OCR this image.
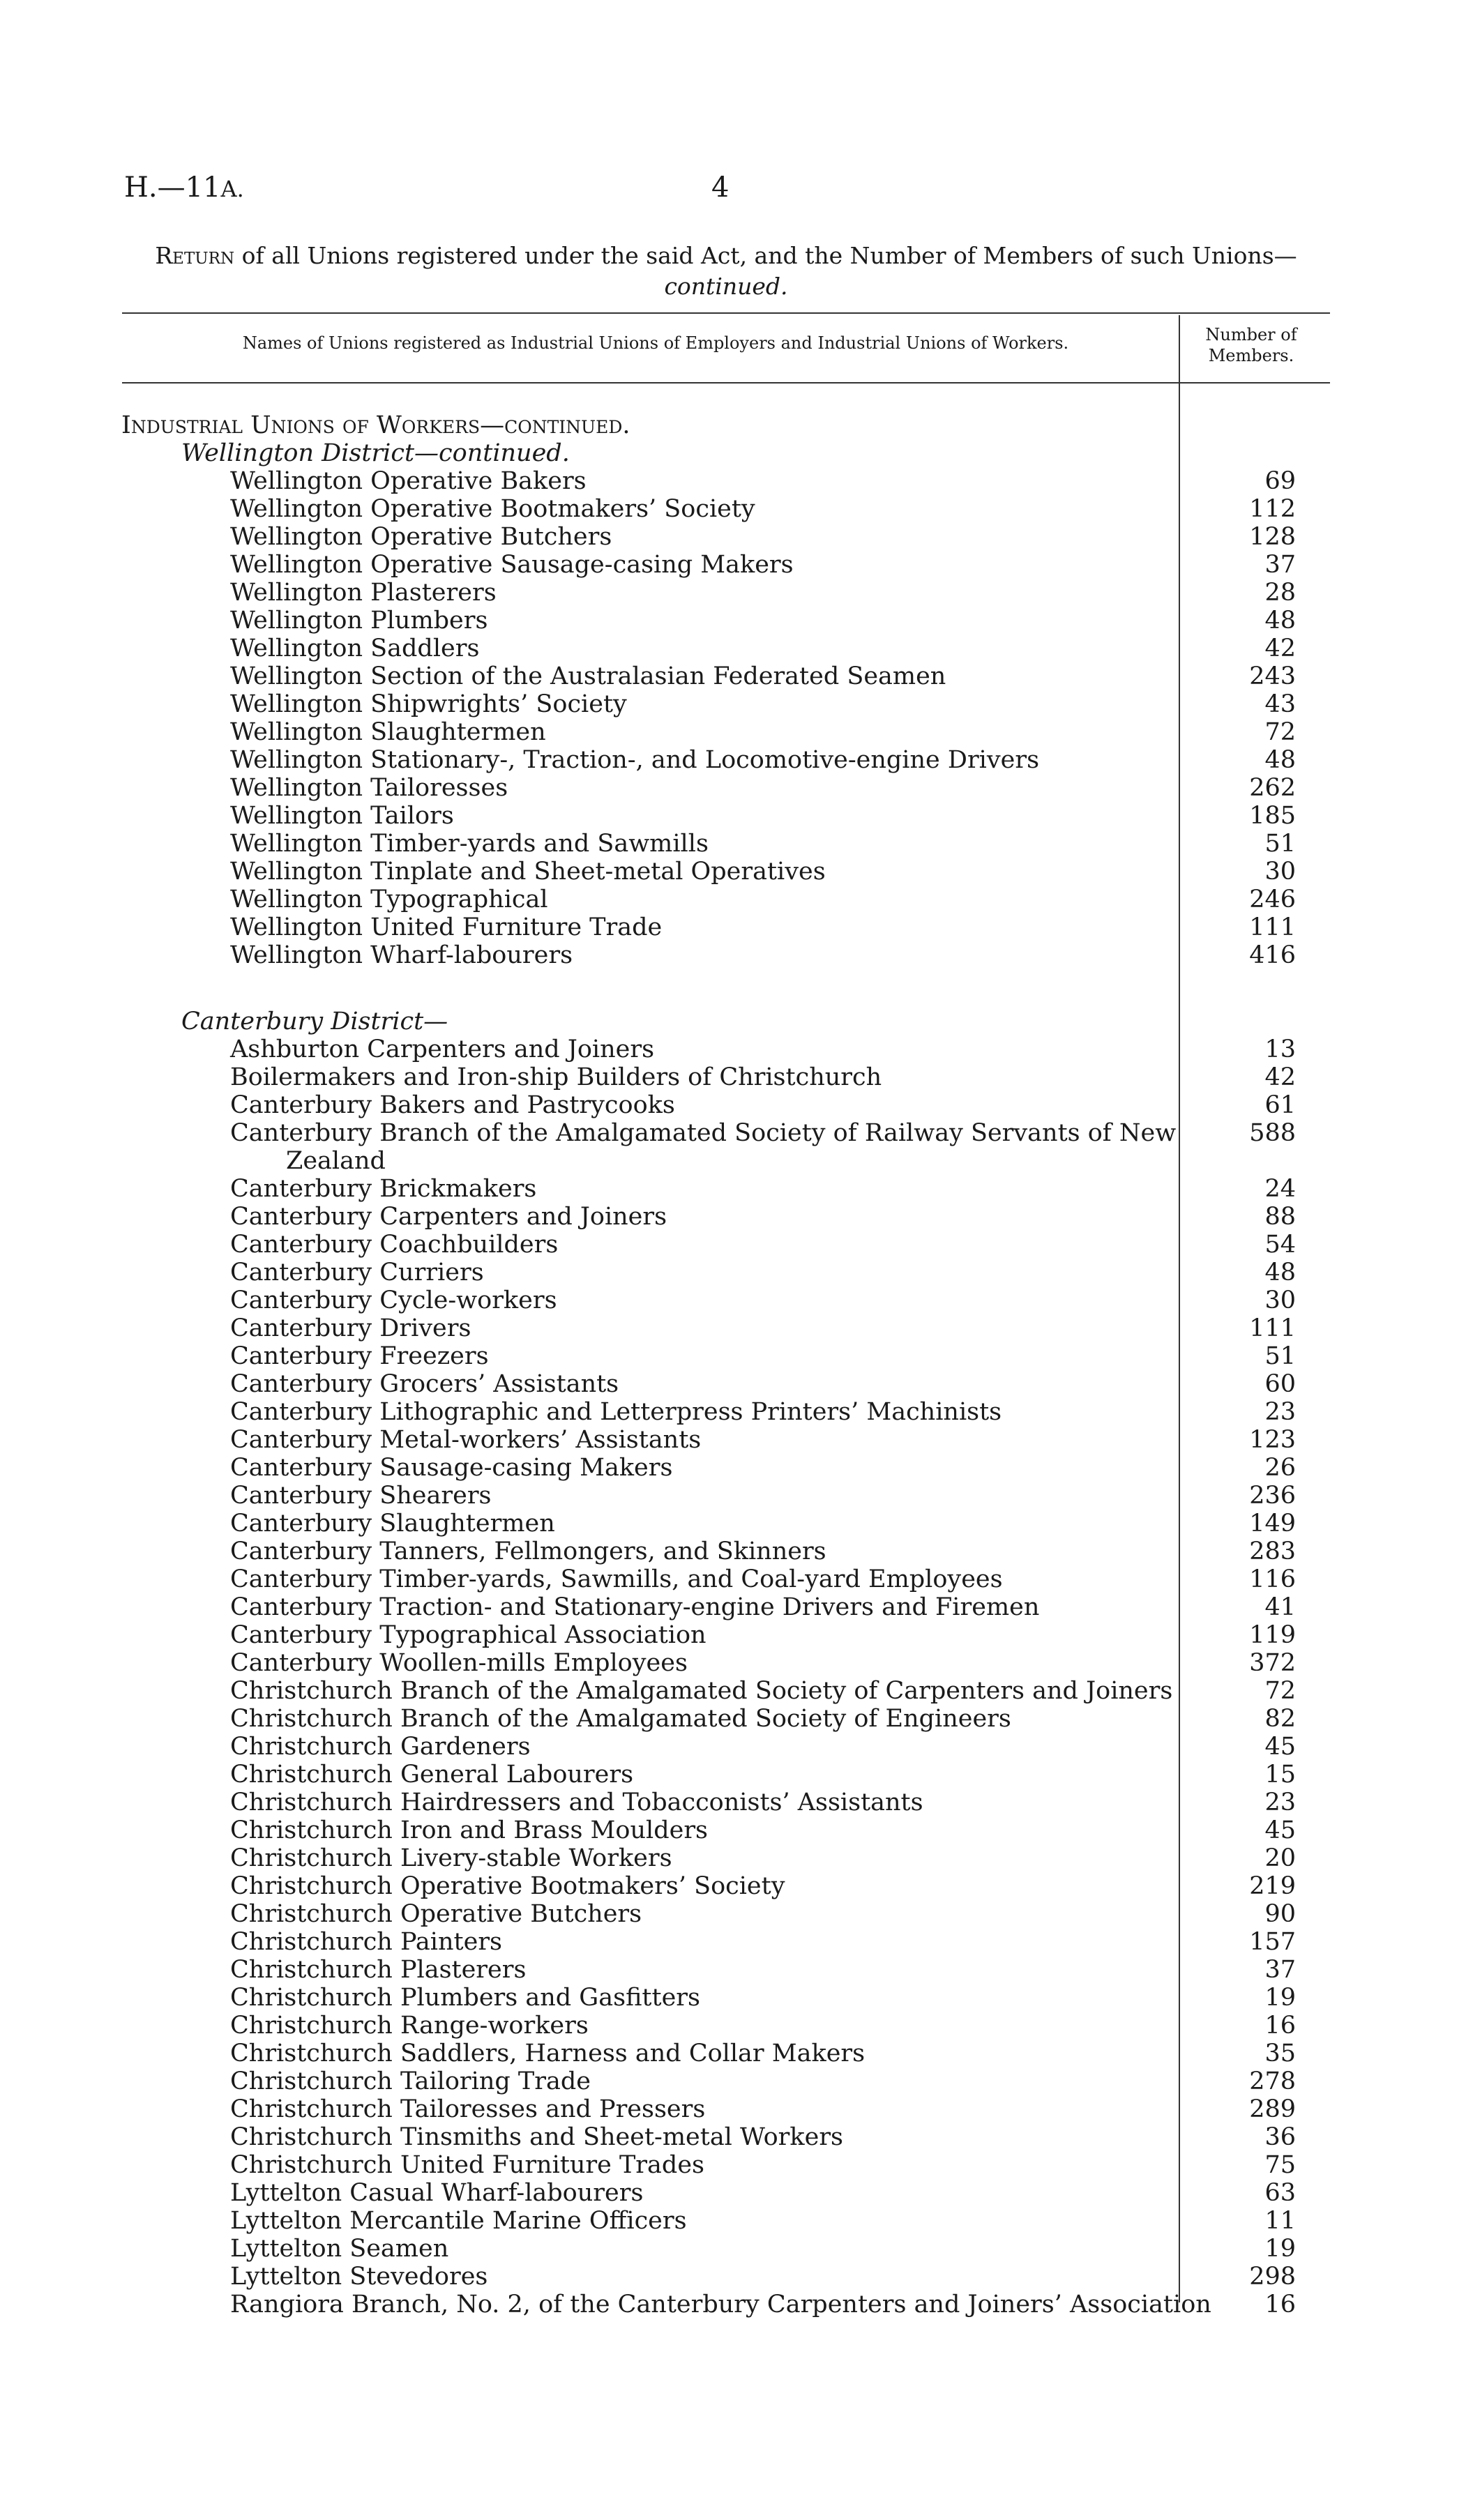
H.—11A.	4
Return of all Unions registered under the said Act, and the Number of Members of such Unions—continued.
Names of Unions registered as Industrial Unions of Employers and Industrial Unions of Workers.	Number of
Members.
Industrial Unions of Workers—continued.
Wellington District—continued.
Wellington Operative Bakers	69
Wellington Operative Bootmakers’ Society	112
Wellington Operative Butchers	128
Wellington Operative Sausage-casing Makers	37
Wellington Plasterers	28
Wellington Plumbers	48
Wellington Saddlers	42
Wellington Section of the Australasian Federated Seamen	243
Wellington Shipwrights’ Society	43
Wellington Slaughtermen	72
Wellington Stationary-, Traction-, and Locomotive-engine Drivers	48
Wellington Tailoresses	262
Wellington Tailors	185
Wellington Timber-yards and Sawmills	51
Wellington Tinplate and Sheet-metal Operatives	30
Wellington Typographical	246
Wellington United Furniture Trade	111
Wellington Wharf-labourers	416
Canterbury District—
Ashburton Carpenters and Joiners	13
Boilermakers and Iron-ship Builders of Christchurch	42
Canterbury Bakers and Pastrycooks	61
Canterbury Branch of the Amalgamated Society of Railway Servants of New	588
Zealand
Canterbury Brickmakers	24
Canterbury Carpenters and Joiners	88
Canterbury Coachbuilders	54
Canterbury Curriers	48
Canterbury Cycle-workers	30
Canterbury Drivers	111
Canterbury Freezers	51
Canterbury Grocers’ Assistants	60
Canterbury Lithographic and Letterpress Printers’ Machinists	23
Canterbury Metal-workers’ Assistants	123
Canterbury Sausage-casing Makers	26
Canterbury Shearers	236
Canterbury Slaughtermen	149
Canterbury Tanners, Fellmongers, and Skinners	283
Canterbury Timber-yards, Sawmills, and Coal-yard Employees	116
Canterbury Traction- and Stationary-engine Drivers and Firemen	41
Canterbury Typographical Association	119
Canterbury Woollen-mills Employees	372
Christchurch Branch of the Amalgamated Society of Carpenters and Joiners	72
Christchurch Branch of the Amalgamated Society of Engineers	82
Christchurch Gardeners	45
Christchurch General Labourers	15
Christchurch Hairdressers and Tobacconists’ Assistants	23
Christchurch Iron and Brass Moulders	45
Christchurch Livery-stable Workers	20
Christchurch Operative Bootmakers’ Society	219
Christchurch Operative Butchers	90
Christchurch Painters	157
Christchurch Plasterers	37
Christchurch Plumbers and Gasfitters	19
Christchurch Range-workers	16
Christchurch Saddlers, Harness and Collar Makers	35
Christchurch Tailoring Trade	278
Christchurch Tailoresses and Pressers	289
Christchurch Tinsmiths and Sheet-metal Workers	36
Christchurch United Furniture Trades	75
Lyttelton Casual Wharf-labourers	63
Lyttelton Mercantile Marine Officers	11
Lyttelton Seamen	19
Lyttelton Stevedores	298
Rangiora Branch, No. 2, of the Canterbury Carpenters and Joiners’ Association	16
